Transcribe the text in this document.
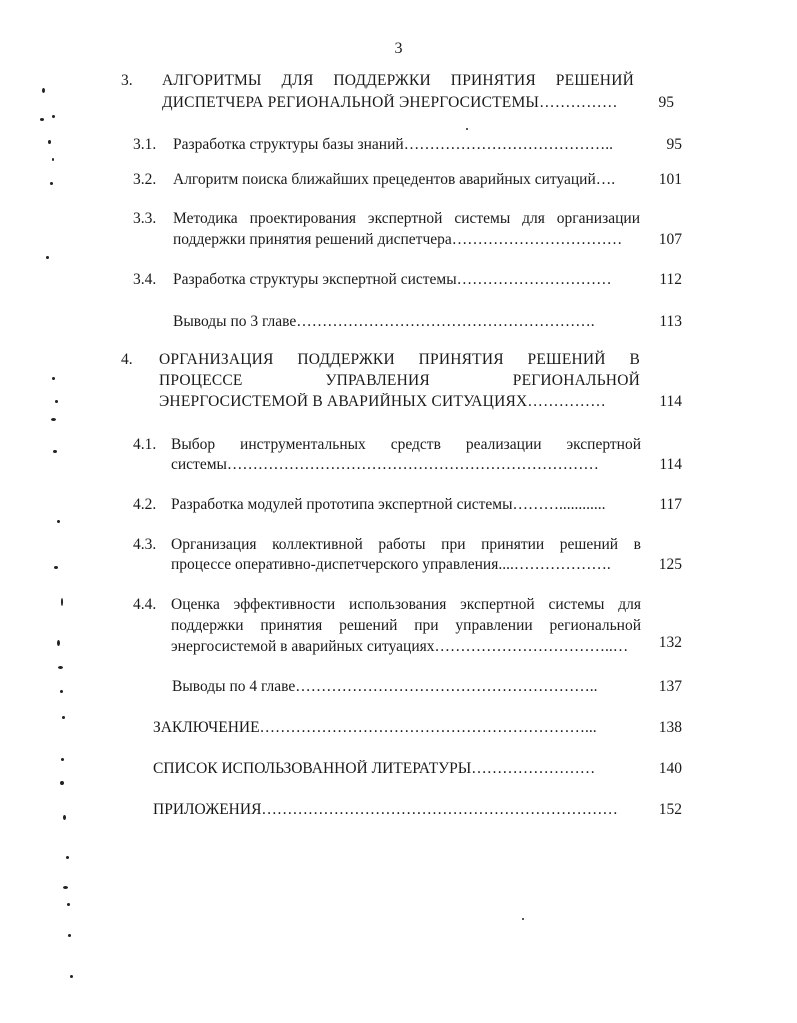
3
3. АЛГОРИТМЫ ДЛЯ ПОДДЕРЖКИ ПРИНЯТИЯ РЕШЕНИЙ
ДИСПЕТЧЕРА РЕГИОНАЛЬНОЙ ЭНЕРГОСИСТЕМЫ……………	95
3.1. Разработка структуры базы знаний…………………………………..	95
3.2. Алгоритм поиска ближайших прецедентов аварийных ситуаций….	101
3.3. Методика проектирования экспертной системы для организации
поддержки принятия решений диспетчера……………………………	107
3.4. Разработка структуры экспертной системы…………………………	112
Выводы по 3 главе………………………………………………….	113
4. ОРГАНИЗАЦИЯ ПОДДЕРЖКИ ПРИНЯТИЯ РЕШЕНИЙ В
ПРОЦЕССЕ УПРАВЛЕНИЯ РЕГИОНАЛЬНОЙ
ЭНЕРГОСИСТЕМОЙ В АВАРИЙНЫХ СИТУАЦИЯХ……………	114
4.1. Выбор инструментальных средств реализации экспертной
системы………………………………………………………………	114
4.2. Разработка модулей прототипа экспертной системы………............	117
4.3. Организация коллективной работы при принятии решений в
процессе оперативно-диспетчерского управления....……………….	125
4.4. Оценка эффективности использования экспертной системы для
поддержки принятия решений при управлении региональной
энергосистемой в аварийных ситуациях……………………………..…	132
Выводы по 4 главе…………………………………………………..	137
ЗАКЛЮЧЕНИЕ………………………………………………………...	138
СПИСОК ИСПОЛЬЗОВАННОЙ ЛИТЕРАТУРЫ……………………	140
ПРИЛОЖЕНИЯ……………………………………………………………	152
